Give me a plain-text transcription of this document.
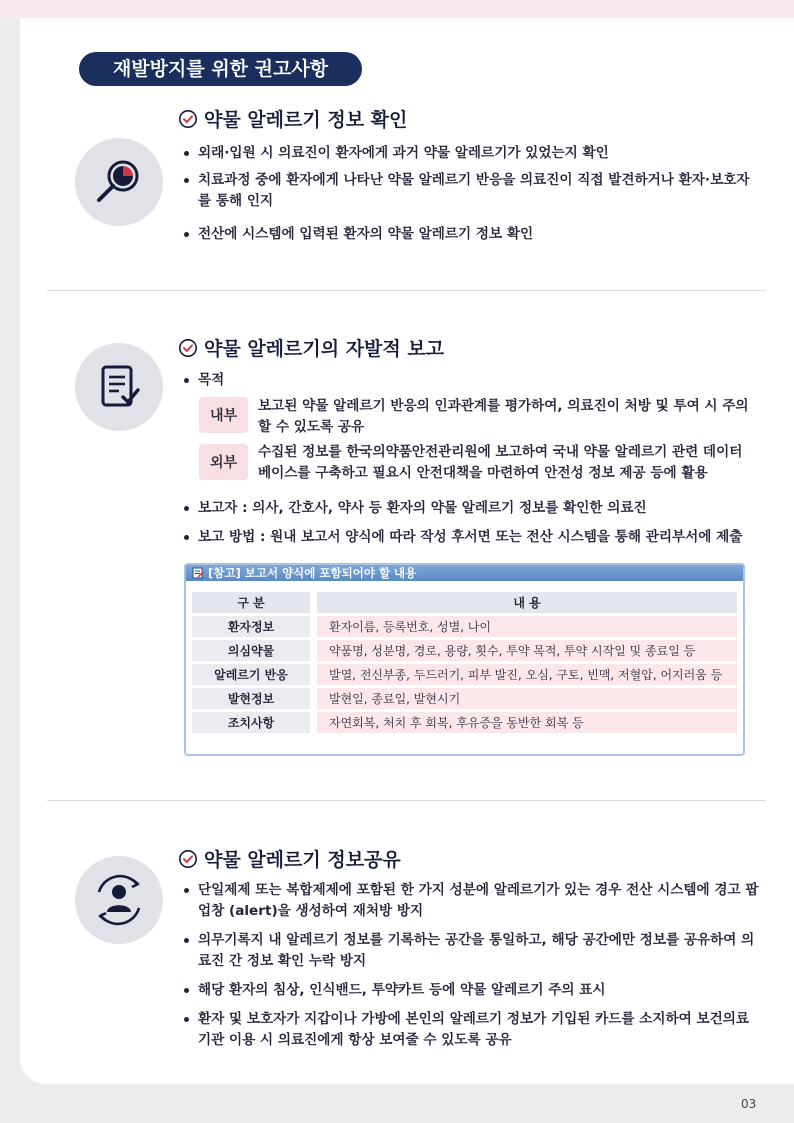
재발방지를 위한 권고사항
약물 알레르기 정보 확인
외래·입원 시 의료진이 환자에게 과거 약물 알레르기가 있었는지 확인
치료과정 중에 환자에게 나타난 약물 알레르기 반응을 의료진이 직접 발견하거나 환자·보호자를 통해 인지
전산에 시스템에 입력된 환자의 약물 알레르기 정보 확인
약물 알레르기의 자발적 보고
목적
내부
보고된 약물 알레르기 반응의 인과관계를 평가하여, 의료진이 처방 및 투여 시 주의할 수 있도록 공유
외부
수집된 정보를 한국의약품안전관리원에 보고하여 국내 약물 알레르기 관련 데이터베이스를 구축하고 필요시 안전대책을 마련하여 안전성 정보 제공 등에 활용
보고자 : 의사, 간호사, 약사 등 환자의 약물 알레르기 정보를 확인한 의료진
보고 방법 : 원내 보고서 양식에 따라 작성 후서면 또는 전산 시스템을 통해 관리부서에 제출
[참고] 보고서 양식에 포함되어야 할 내용
구 분		내 용
환자정보		환자이름, 등록번호, 성별, 나이
의심약물		약품명, 성분명, 경로, 용량, 횟수, 투약 목적, 투약 시작일 및 종료일 등
알레르기 반응		발열, 전신부종, 두드러기, 피부 발진, 오심, 구토, 빈맥, 저혈압, 어지러움 등
발현정보		발현일, 종료일, 발현시기
조치사항		자연회복, 처치 후 회복, 후유증을 동반한 회복 등
약물 알레르기 정보공유
단일제제 또는 복합제제에 포함된 한 가지 성분에 알레르기가 있는 경우 전산 시스템에 경고 팝업창 (alert)을 생성하여 재처방 방지
의무기록지 내 알레르기 정보를 기록하는 공간을 통일하고, 해당 공간에만 정보를 공유하여 의료진 간 정보 확인 누락 방지
해당 환자의 침상, 인식밴드, 투약카트 등에 약물 알레르기 주의 표시
환자 및 보호자가 지갑이나 가방에 본인의 알레르기 정보가 기입된 카드를 소지하여 보건의료기관 이용 시 의료진에게 항상 보여줄 수 있도록 공유
03
